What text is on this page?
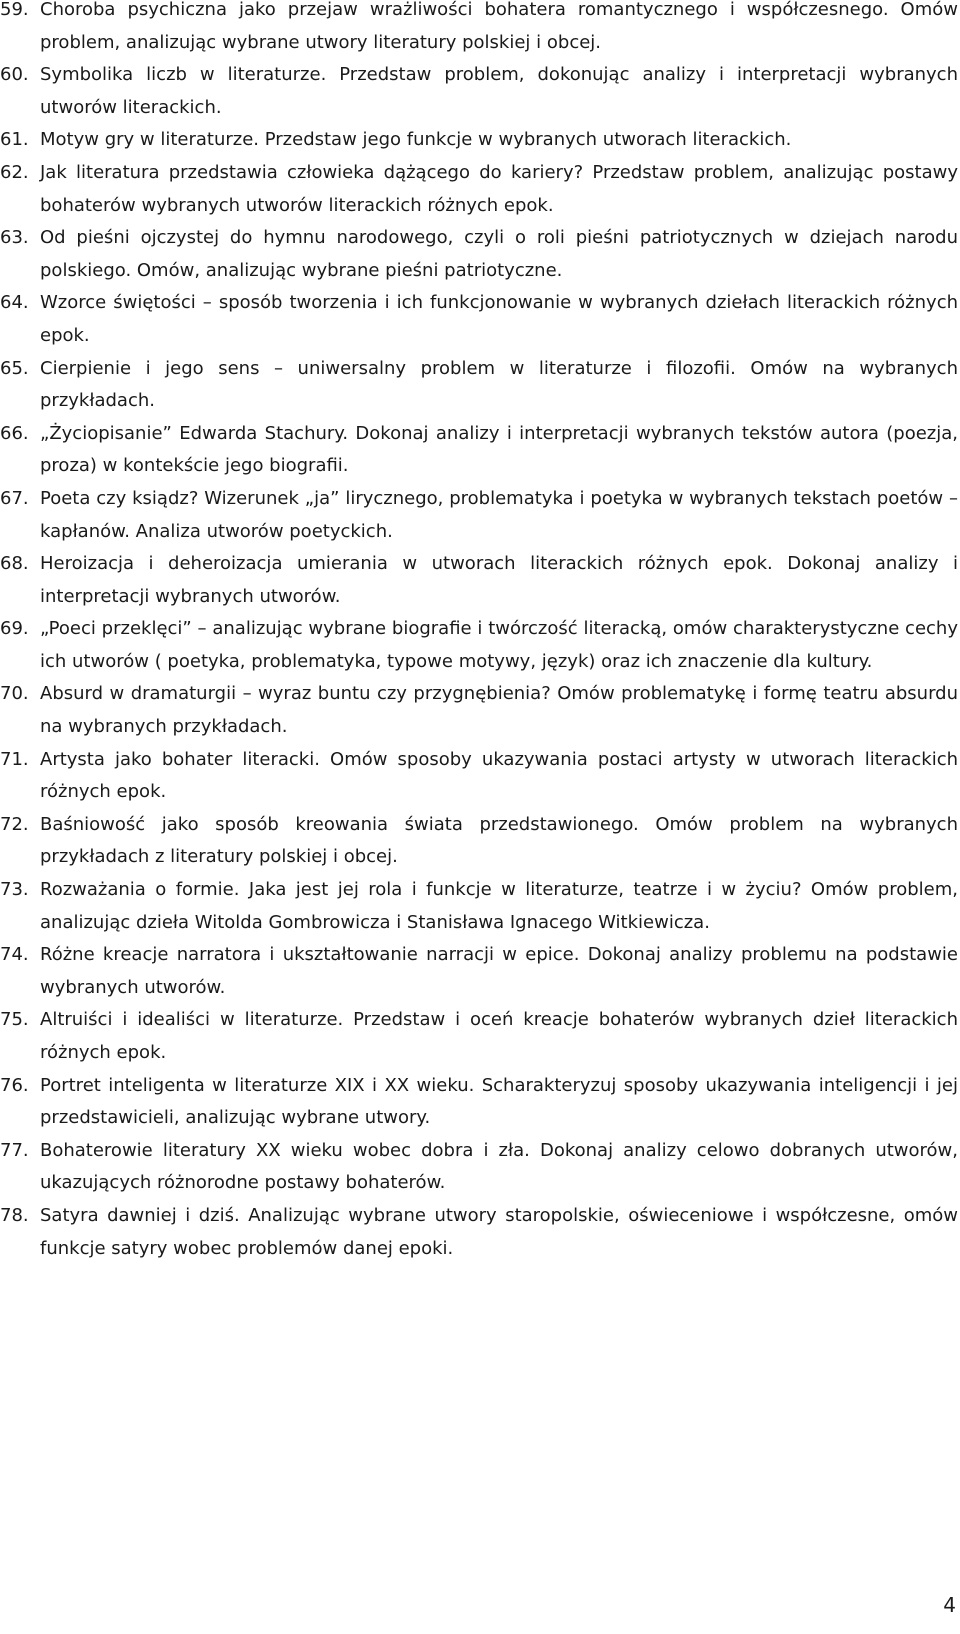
59. Choroba psychiczna jako przejaw wrażliwości bohatera romantycznego i współczesnego. Omów problem, analizując wybrane utwory literatury polskiej i obcej.
60. Symbolika liczb w literaturze. Przedstaw problem, dokonując analizy i interpretacji wybranych utworów literackich.
61. Motyw gry w literaturze. Przedstaw jego funkcje w wybranych utworach literackich.
62. Jak literatura przedstawia człowieka dążącego do kariery? Przedstaw problem, analizując postawy bohaterów wybranych utworów literackich różnych epok.
63. Od pieśni ojczystej do hymnu narodowego, czyli o roli pieśni patriotycznych w dziejach narodu polskiego. Omów, analizując wybrane pieśni patriotyczne.
64. Wzorce świętości – sposób tworzenia i ich funkcjonowanie w wybranych dziełach literackich różnych epok.
65. Cierpienie i jego sens – uniwersalny problem w literaturze i filozofii. Omów na wybranych przykładach.
66. „Życiopisanie” Edwarda Stachury. Dokonaj analizy i interpretacji wybranych tekstów autora (poezja, proza) w kontekście jego biografii.
67. Poeta czy ksiądz? Wizerunek „ja” lirycznego, problematyka i poetyka w wybranych tekstach poetów – kapłanów. Analiza utworów poetyckich.
68. Heroizacja i deheroizacja umierania w utworach literackich różnych epok. Dokonaj analizy i interpretacji wybranych utworów.
69. „Poeci przeklęci” – analizując wybrane biografie i twórczość literacką, omów charakterystyczne cechy ich utworów ( poetyka, problematyka, typowe motywy, język) oraz ich znaczenie dla kultury.
70. Absurd w dramaturgii – wyraz buntu czy przygnębienia? Omów problematykę i formę teatru absurdu na wybranych przykładach.
71. Artysta jako bohater literacki. Omów sposoby ukazywania postaci artysty w utworach literackich różnych epok.
72. Baśniowość jako sposób kreowania świata przedstawionego. Omów problem na wybranych przykładach z literatury polskiej i obcej.
73. Rozważania o formie. Jaka jest jej rola i funkcje w literaturze, teatrze i w życiu? Omów problem, analizując dzieła Witolda Gombrowicza i Stanisława Ignacego Witkiewicza.
74. Różne kreacje narratora i ukształtowanie narracji w epice. Dokonaj analizy problemu na podstawie wybranych utworów.
75. Altruiści i idealiści w literaturze. Przedstaw i oceń kreacje bohaterów wybranych dzieł literackich różnych epok.
76. Portret inteligenta w literaturze XIX i XX wieku. Scharakteryzuj sposoby ukazywania inteligencji i jej przedstawicieli, analizując wybrane utwory.
77. Bohaterowie literatury XX wieku wobec dobra i zła. Dokonaj analizy celowo dobranych utworów, ukazujących różnorodne postawy bohaterów.
78. Satyra dawniej i dziś. Analizując wybrane utwory staropolskie, oświeceniowe i współczesne, omów funkcje satyry wobec problemów danej epoki.
4
